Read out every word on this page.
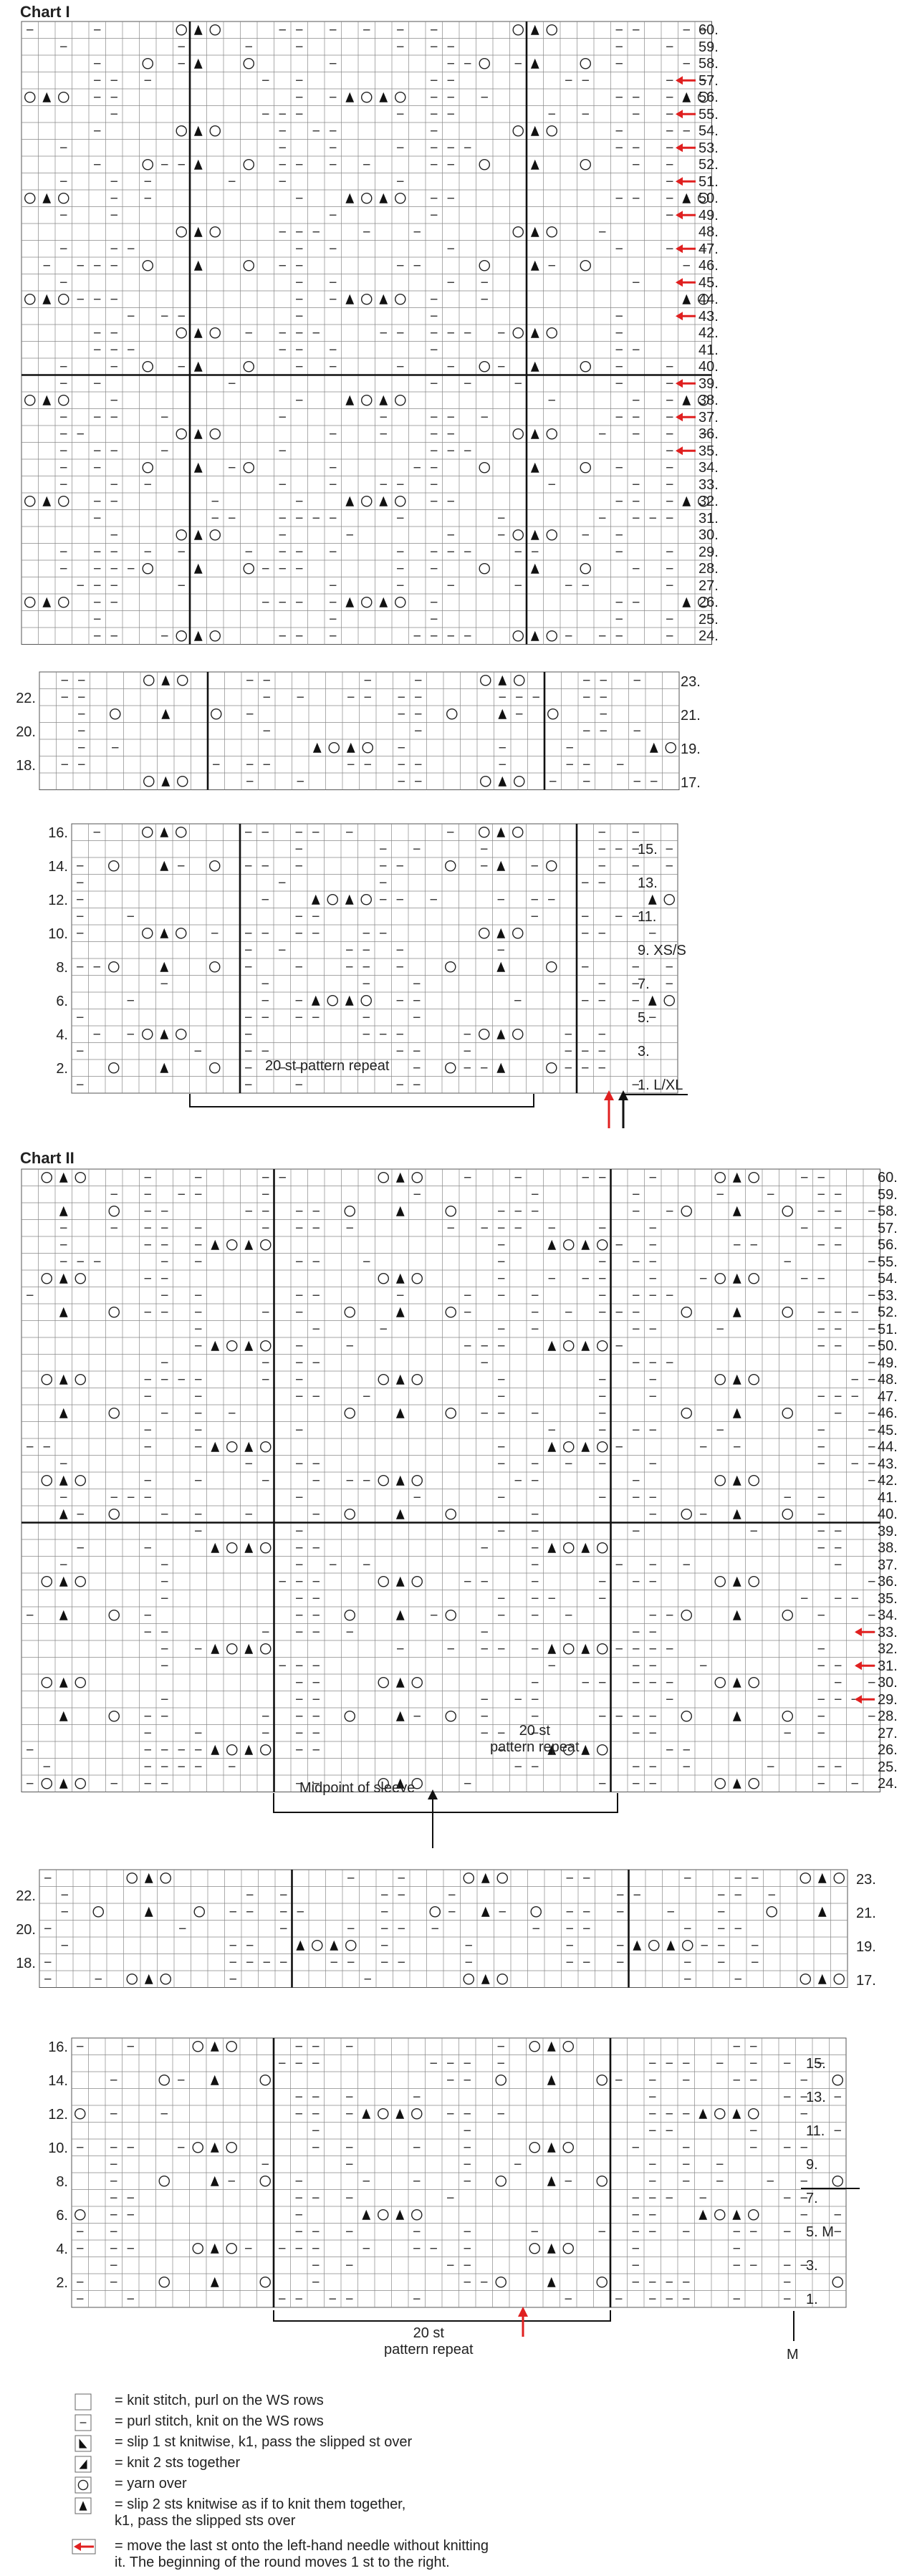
Chart I
60.
59.
58.
57.
56.
55.
54.
53.
52.
51.
50.
49.
48.
47.
46.
45.
44.
43.
42.
41.
40.
39.
38.
37.
36.
35.
34.
33.
32.
31.
30.
29.
28.
27.
26.
25.
24.
22.
20.
18.
23.
21.
19.
17.
16.
14.
12.
10.
8.
6.
4.
2.
15.
13.
11.
9. XS/S
7.
5.
3.
1. L/XL
20 st pattern repeat
Chart II
60.
59.
58.
57.
56.
55.
54.
53.
52.
51.
50.
49.
48.
47.
46.
45.
44.
43.
42.
41.
40.
39.
38.
37.
36.
35.
34.
33.
32.
31.
30.
29.
28.
27.
26.
25.
24.
20 st
pattern repeat
Midpoint of sleeve
22.
20.
18.
23.
21.
19.
17.
16.
14.
12.
10.
8.
6.
4.
2.
15.
13.
11.
9.
7.
5. M
3.
1.
20 st
pattern repeat	M
= knit stitch, purl on the WS rows
= purl stitch, knit on the WS rows
= slip 1 st knitwise, k1, pass the slipped st over
= knit 2 sts together
= yarn over
= slip 2 sts knitwise as if to knit them together,
k1, pass the slipped sts over
= move the last st onto the left-hand needle without knitting
it. The beginning of the round moves 1 st to the right.
